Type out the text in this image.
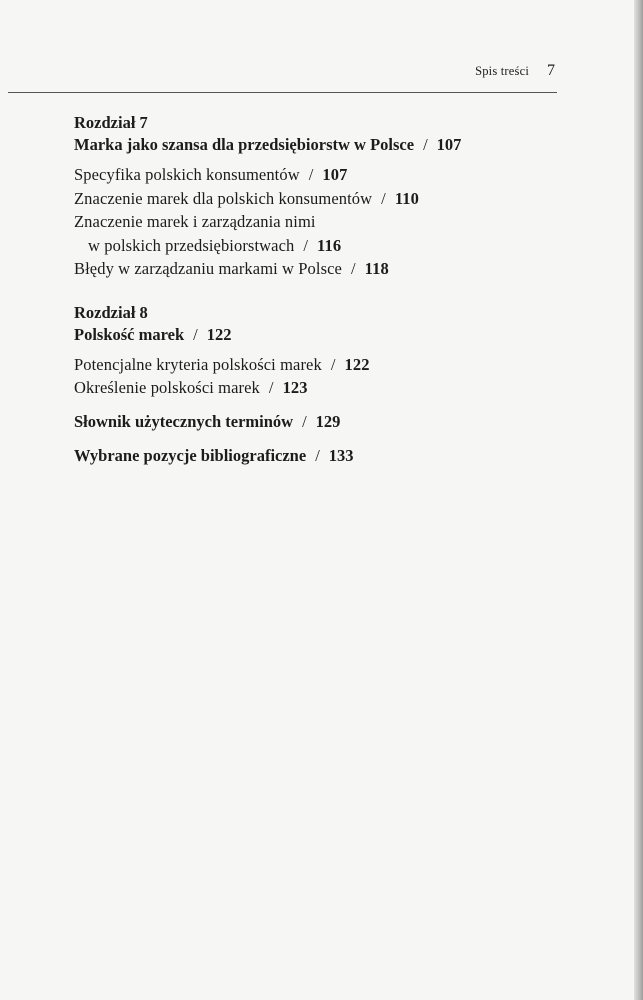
Spis treści 7
Rozdział 7
Marka jako szansa dla przedsiębiorstw w Polsce / 107
Specyfika polskich konsumentów / 107
Znaczenie marek dla polskich konsumentów / 110
Znaczenie marek i zarządzania nimi
w polskich przedsiębiorstwach / 116
Błędy w zarządzaniu markami w Polsce / 118
Rozdział 8
Polskość marek / 122
Potencjalne kryteria polskości marek / 122
Określenie polskości marek / 123
Słownik użytecznych terminów / 129
Wybrane pozycje bibliograficzne / 133
